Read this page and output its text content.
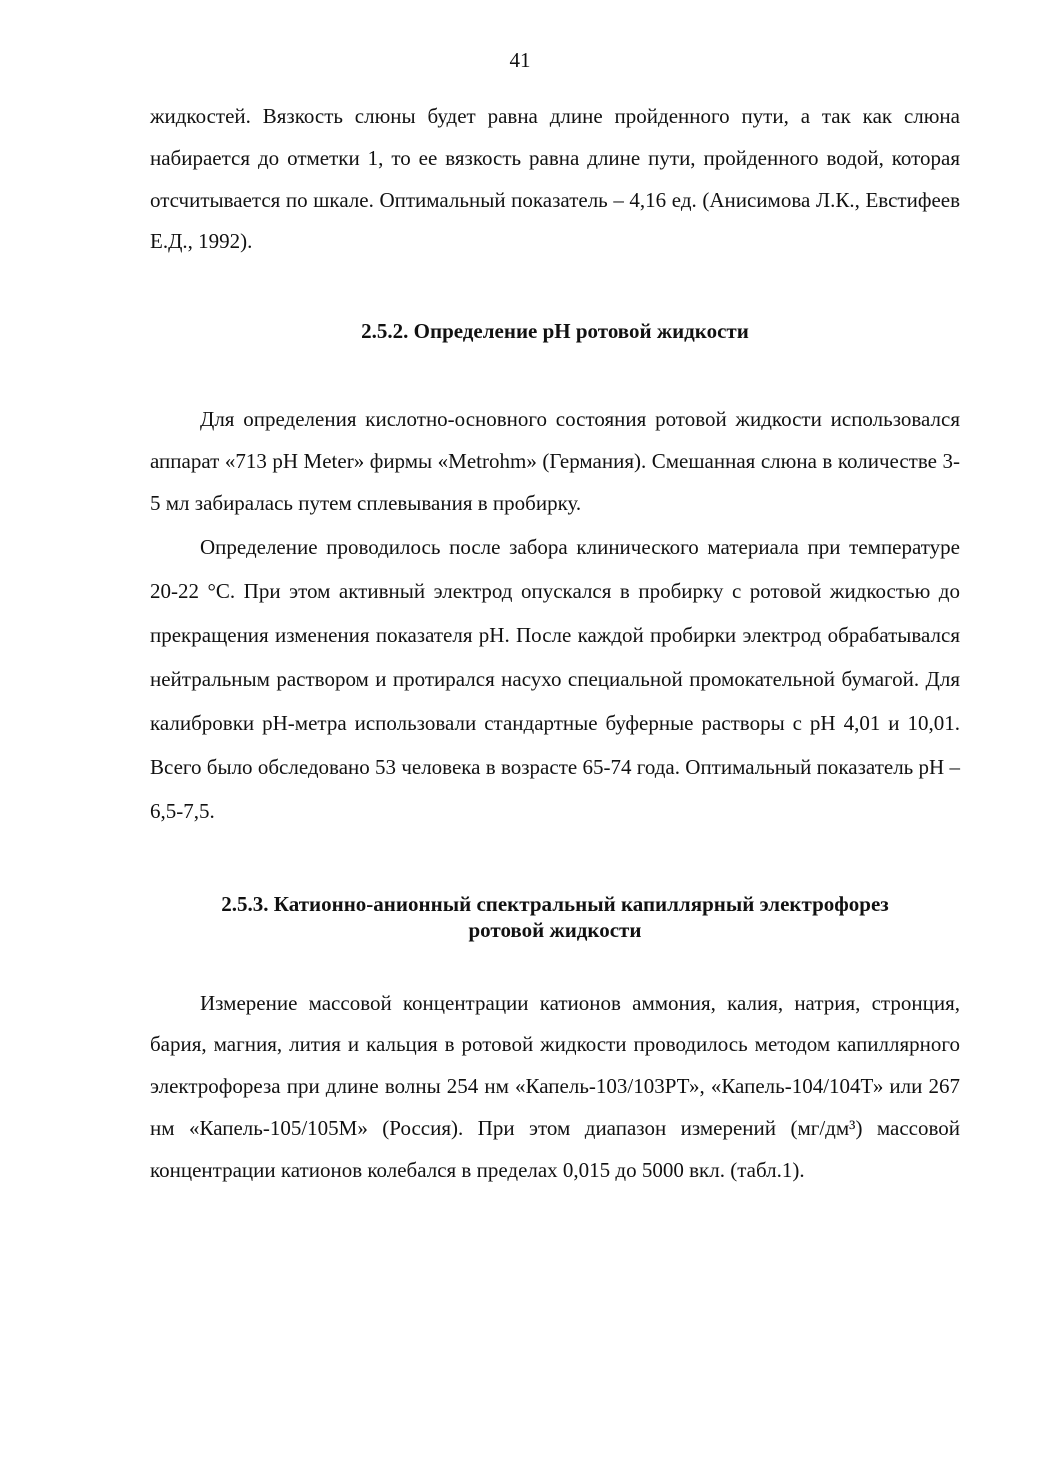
41

жидкостей. Вязкость слюны будет равна длине пройденного пути, а так как слюна набирается до отметки 1, то ее вязкость равна длине пути, пройденного водой, которая отсчитывается по шкале. Оптимальный показатель – 4,16 ед. (Анисимова Л.К., Евстифеев Е.Д., 1992).

2.5.2. Определение pH ротовой жидкости

Для определения кислотно-основного состояния ротовой жидкости использовался аппарат «713 pH Meter» фирмы «Metrohm» (Германия). Смешанная слюна в количестве 3-5 мл забиралась путем сплевывания в пробирку.

Определение проводилось после забора клинического материала при температуре 20-22 °С. При этом активный электрод опускался в пробирку с ротовой жидкостью до прекращения изменения показателя pH. После каждой пробирки электрод обрабатывался нейтральным раствором и протирался насухо специальной промокательной бумагой. Для калибровки pH-метра использовали стандартные буферные растворы с pH 4,01 и 10,01. Всего было обследовано 53 человека в возрасте 65-74 года. Оптимальный показатель pH – 6,5-7,5.

2.5.3. Катионно-анионный спектральный капиллярный электрофорез
ротовой жидкости

Измерение массовой концентрации катионов аммония, калия, натрия, стронция, бария, магния, лития и кальция в ротовой жидкости проводилось методом капиллярного электрофореза при длине волны 254 нм «Капель-103/103РТ», «Капель-104/104Т» или 267 нм «Капель-105/105М» (Россия). При этом диапазон измерений (мг/дм³) массовой концентрации катионов колебался в пределах 0,015 до 5000 вкл. (табл.1).
